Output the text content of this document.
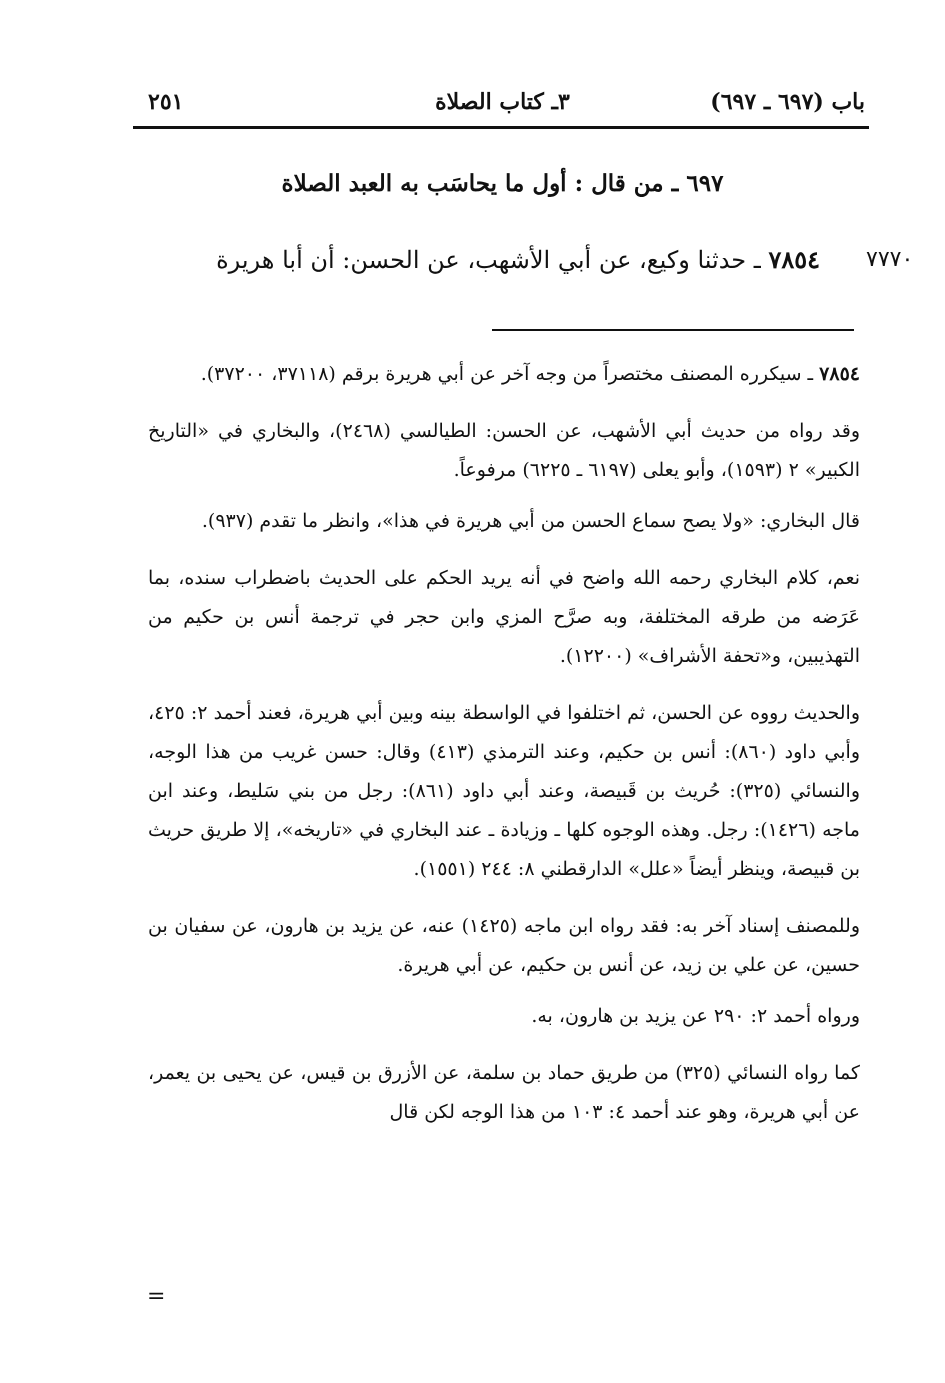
٢٥١	٣ـ كتاب الصلاة	باب (٦٩٧ ـ ٦٩٧)
٦٩٧ ـ من قال : أول ما يحاسَب به العبد الصلاة
٧٨٥٤ ـ حدثنا وكيع، عن أبي الأشهب، عن الحسن: أن أبا هريرة	٧٧٧٠

٧٨٥٤ ـ سيكرره المصنف مختصراً من وجه آخر عن أبي هريرة برقم (٣٧١١٨، ٣٧٢٠٠).

وقد رواه من حديث أبي الأشهب، عن الحسن: الطيالسي (٢٤٦٨)، والبخاري في «التاريخ الكبير» ٢ (١٥٩٣)، وأبو يعلى (٦١٩٧ ـ ٦٢٢٥) مرفوعاً.

قال البخاري: «ولا يصح سماع الحسن من أبي هريرة في هذا»، وانظر ما تقدم (٩٣٧).

نعم، كلام البخاري رحمه الله واضح في أنه يريد الحكم على الحديث باضطراب سنده، بما عَرَضه من طرقه المختلفة، وبه صرَّح المزي وابن حجر في ترجمة أنس بن حكيم من التهذيبين، و«تحفة الأشراف» (١٢٢٠٠).

والحديث رووه عن الحسن، ثم اختلفوا في الواسطة بينه وبين أبي هريرة، فعند أحمد ٢: ٤٢٥، وأبي داود (٨٦٠): أنس بن حكيم، وعند الترمذي (٤١٣) وقال: حسن غريب من هذا الوجه، والنسائي (٣٢٥): حُريث بن قَبيصة، وعند أبي داود (٨٦١): رجل من بني سَليط، وعند ابن ماجه (١٤٢٦): رجل. وهذه الوجوه كلها ـ وزيادة ـ عند البخاري في «تاريخه»، إلا طريق حريث بن قبيصة، وينظر أيضاً «علل» الدارقطني ٨: ٢٤٤ (١٥٥١).

وللمصنف إسناد آخر به: فقد رواه ابن ماجه (١٤٢٥) عنه، عن يزيد بن هارون، عن سفيان بن حسين، عن علي بن زيد، عن أنس بن حكيم، عن أبي هريرة.

ورواه أحمد ٢: ٢٩٠ عن يزيد بن هارون، به.

كما رواه النسائي (٣٢٥) من طريق حماد بن سلمة، عن الأزرق بن قيس، عن يحيى بن يعمر، عن أبي هريرة، وهو عند أحمد ٤: ١٠٣ من هذا الوجه لكن قال

=
